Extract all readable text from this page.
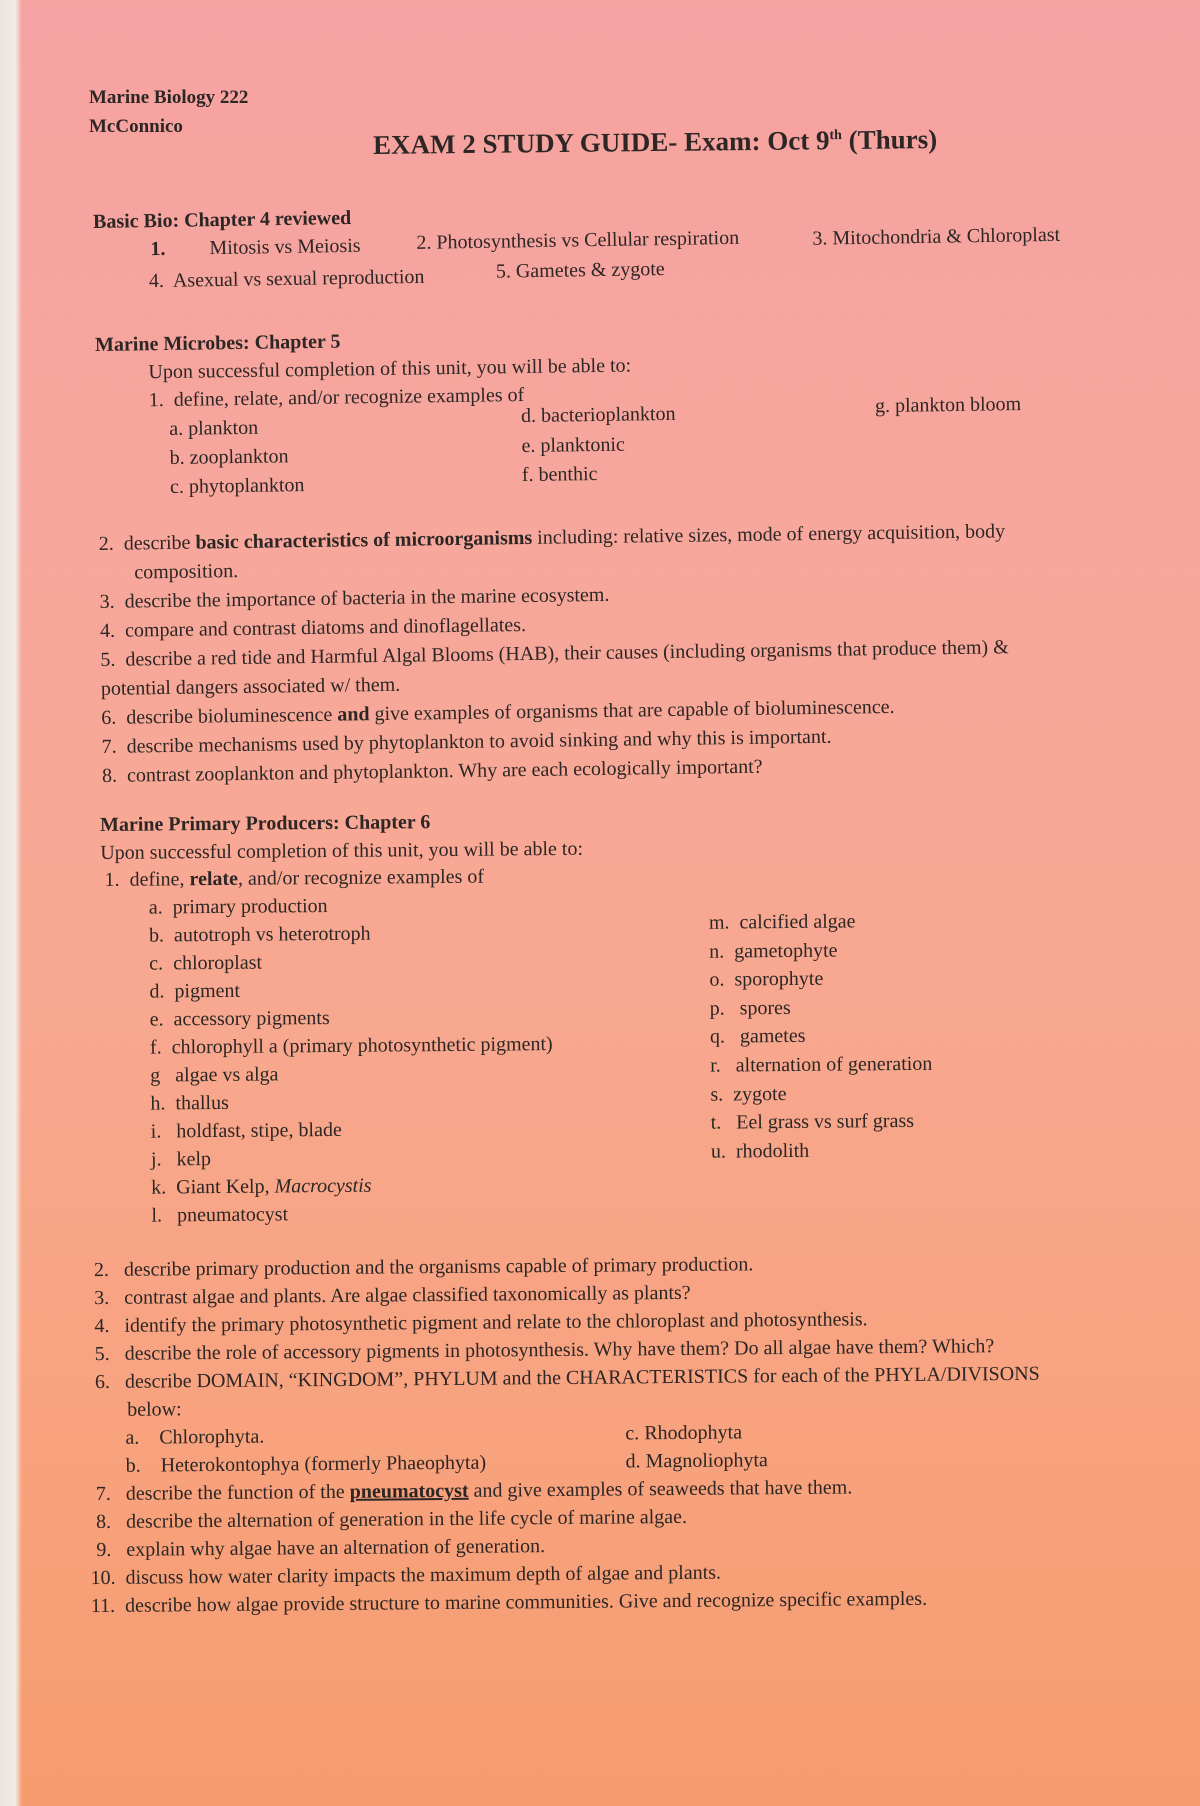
Marine Biology 222
McConnico	EXAM 2 STUDY GUIDE- Exam: Oct 9th (Thurs)
Basic Bio: Chapter 4 reviewed
1. Mitosis vs Meiosis	2. Photosynthesis vs Cellular respiration	3. Mitochondria & Chloroplast
4. Asexual vs sexual reproduction	5. Gametes & zygote
Marine Microbes: Chapter 5
Upon successful completion of this unit, you will be able to:
1. define, relate, and/or recognize examples of
a. plankton
b. zooplankton
c. phytoplankton
d. bacterioplankton
e. planktonic
f. benthic
g. plankton bloom
2. describe basic characteristics of microorganisms including: relative sizes, mode of energy acquisition, body
composition.
3. describe the importance of bacteria in the marine ecosystem.
4. compare and contrast diatoms and dinoflagellates.
5. describe a red tide and Harmful Algal Blooms (HAB), their causes (including organisms that produce them) &
potential dangers associated w/ them.
6. describe bioluminescence and give examples of organisms that are capable of bioluminescence.
7. describe mechanisms used by phytoplankton to avoid sinking and why this is important.
8. contrast zooplankton and phytoplankton. Why are each ecologically important?
Marine Primary Producers: Chapter 6
Upon successful completion of this unit, you will be able to:
1. define, relate, and/or recognize examples of
a. primary production
b. autotroph vs heterotroph
c. chloroplast
d. pigment
e. accessory pigments
f. chlorophyll a (primary photosynthetic pigment)
g algae vs alga
h. thallus
i. holdfast, stipe, blade
j. kelp
k. Giant Kelp, Macrocystis
l. pneumatocyst
m. calcified algae
n. gametophyte
o. sporophyte
p. spores
q. gametes
r. alternation of generation
s. zygote
t. Eel grass vs surf grass
u. rhodolith
2. describe primary production and the organisms capable of primary production.
3. contrast algae and plants. Are algae classified taxonomically as plants?
4. identify the primary photosynthetic pigment and relate to the chloroplast and photosynthesis.
5. describe the role of accessory pigments in photosynthesis. Why have them? Do all algae have them? Which?
6. describe DOMAIN, “KINGDOM”, PHYLUM and the CHARACTERISTICS for each of the PHYLA/DIVISONS
below:
a. Chlorophyta.
b. Heterokontophya (formerly Phaeophyta)
c. Rhodophyta
d. Magnoliophyta
7. describe the function of the pneumatocyst and give examples of seaweeds that have them.
8. describe the alternation of generation in the life cycle of marine algae.
9. explain why algae have an alternation of generation.
10. discuss how water clarity impacts the maximum depth of algae and plants.
11. describe how algae provide structure to marine communities. Give and recognize specific examples.
